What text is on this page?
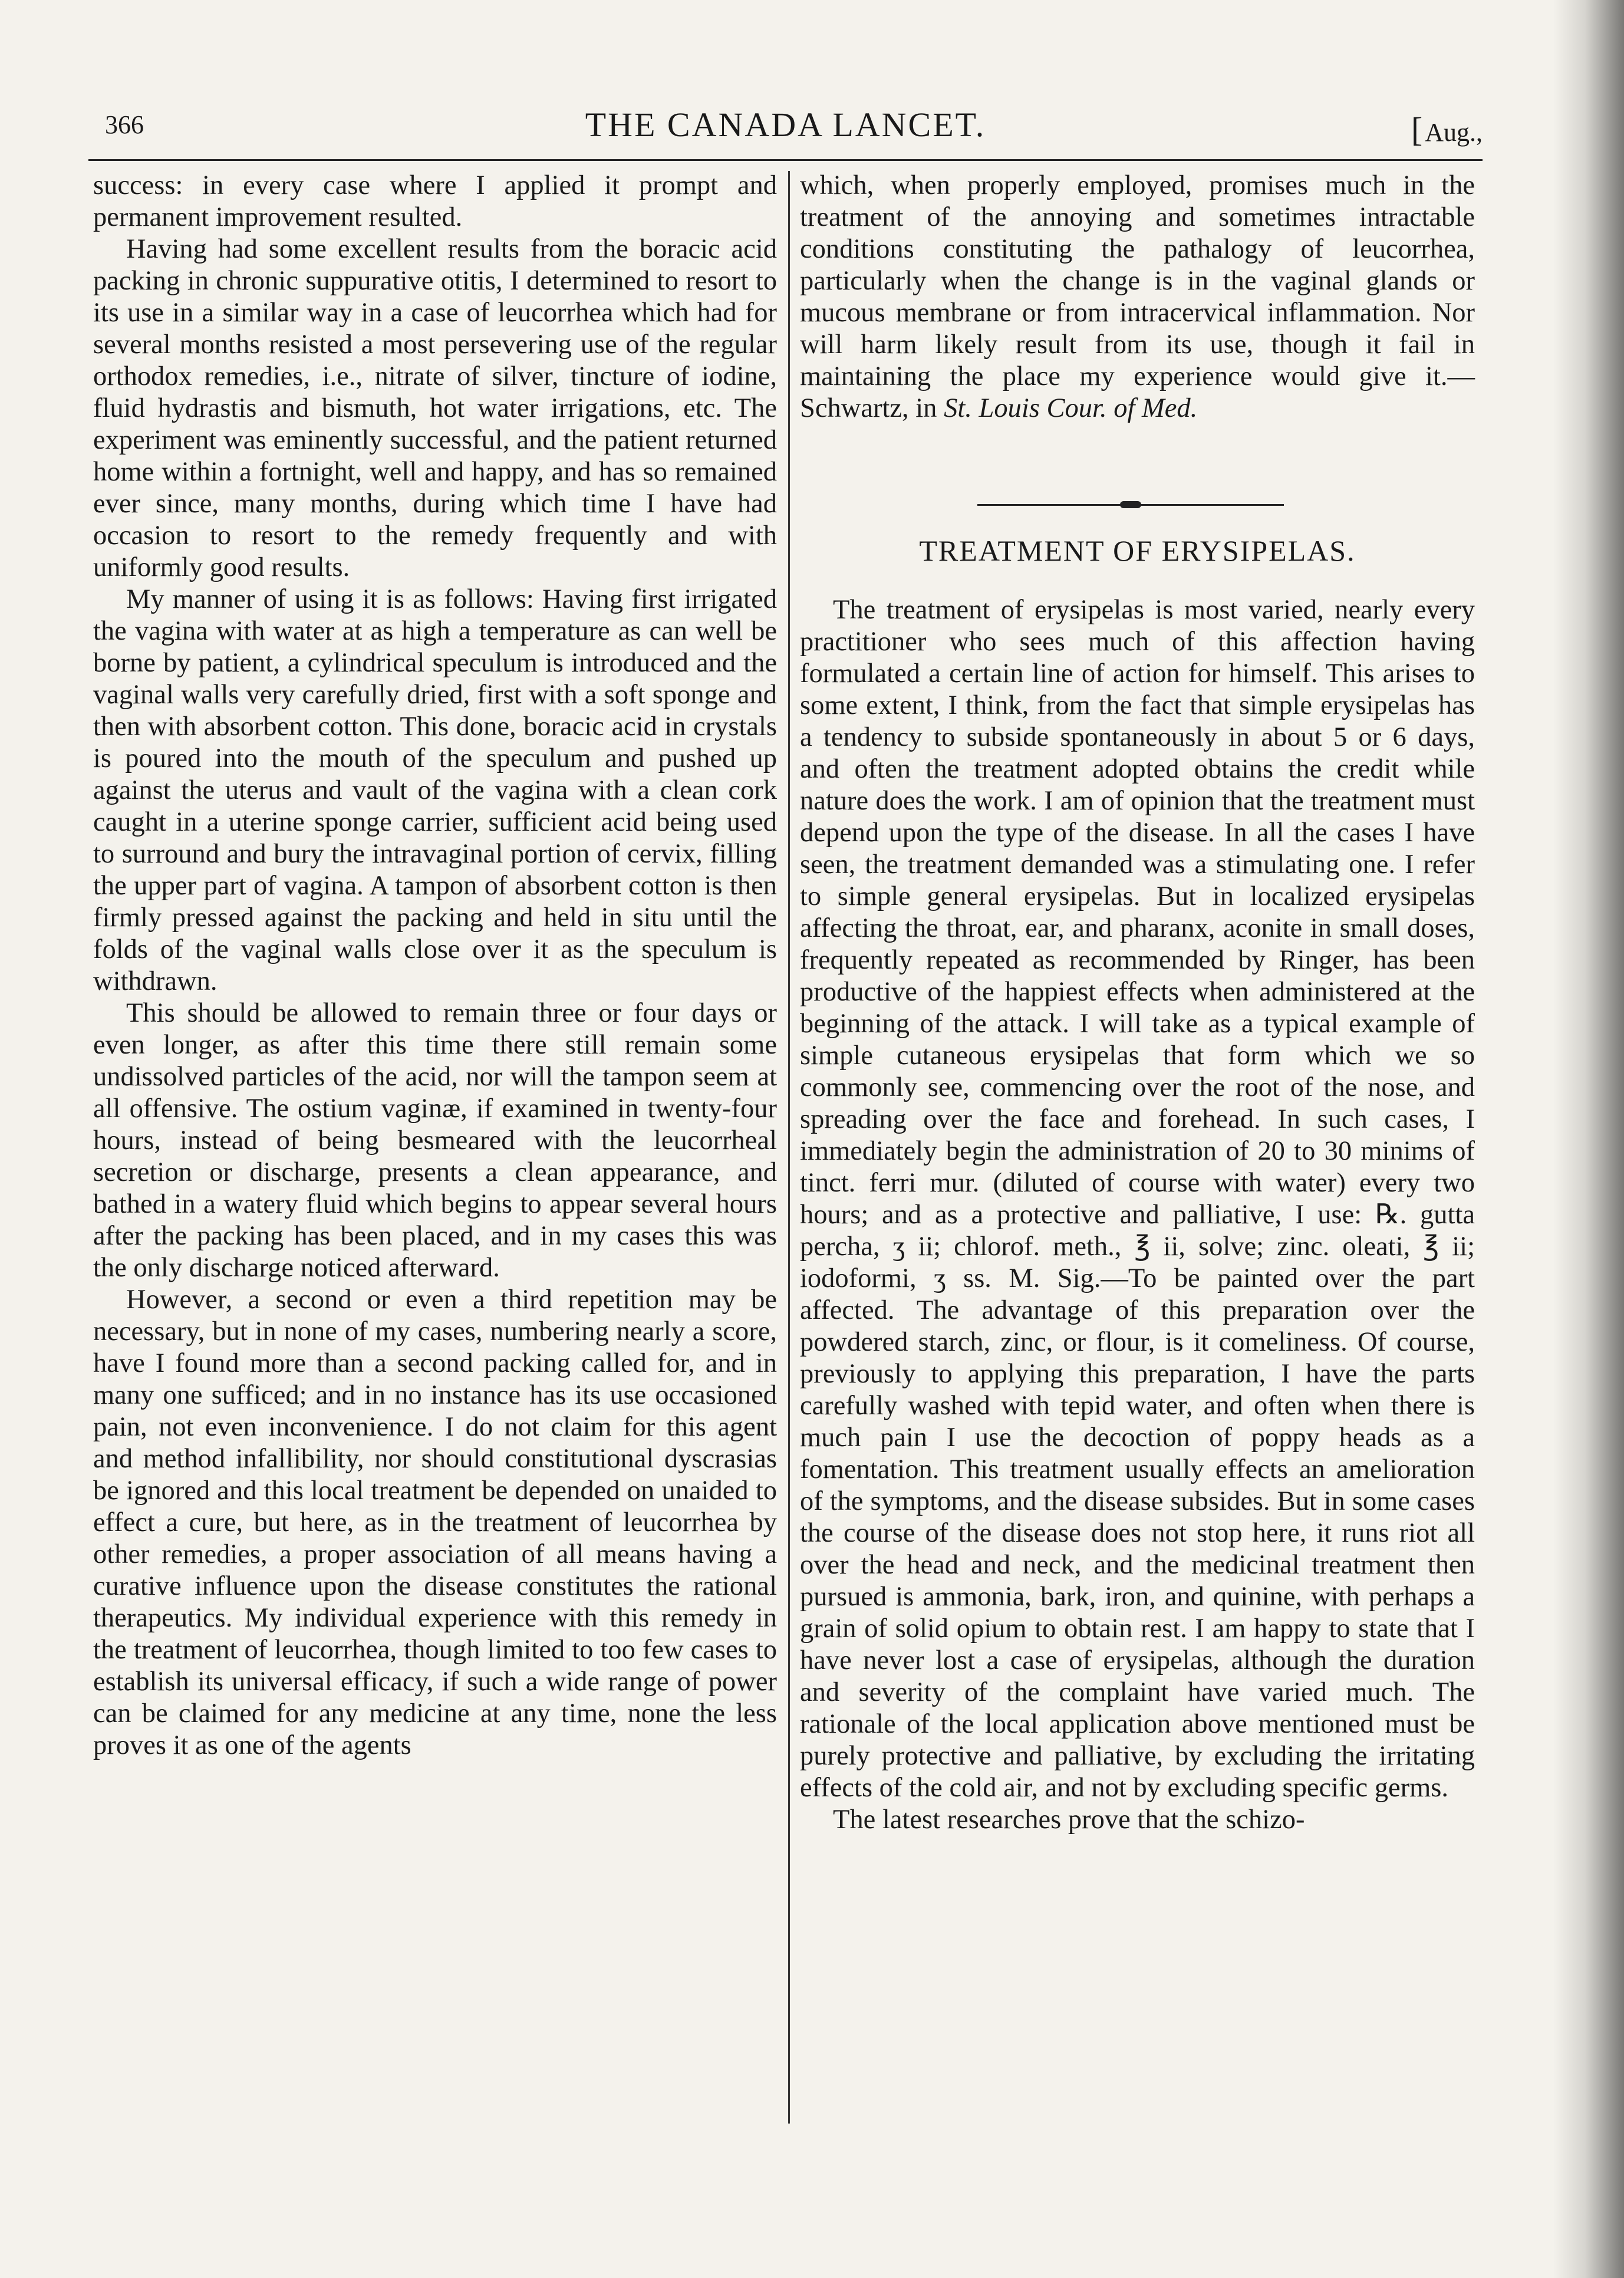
366	THE CANADA LANCET.	[Aug.,

success: in every case where I applied it prompt and permanent improvement resulted.

Having had some excellent results from the boracic acid packing in chronic suppurative otitis, I determined to resort to its use in a similar way in a case of leucorrhea which had for several months resisted a most persevering use of the regular orthodox remedies, i.e., nitrate of silver, tincture of iodine, fluid hydrastis and bismuth, hot water irrigations, etc. The experiment was eminently successful, and the patient returned home within a fortnight, well and happy, and has so remained ever since, many months, during which time I have had occasion to resort to the remedy frequently and with uniformly good results.

My manner of using it is as follows: Having first irrigated the vagina with water at as high a temperature as can well be borne by patient, a cylindrical speculum is introduced and the vaginal walls very carefully dried, first with a soft sponge and then with absorbent cotton. This done, boracic acid in crystals is poured into the mouth of the speculum and pushed up against the uterus and vault of the vagina with a clean cork caught in a uterine sponge carrier, sufficient acid being used to surround and bury the intravaginal portion of cervix, filling the upper part of vagina. A tampon of absorbent cotton is then firmly pressed against the packing and held in situ until the folds of the vaginal walls close over it as the speculum is withdrawn.

This should be allowed to remain three or four days or even longer, as after this time there still remain some undissolved particles of the acid, nor will the tampon seem at all offensive. The ostium vaginæ, if examined in twenty-four hours, instead of being besmeared with the leucorrheal secretion or discharge, presents a clean appearance, and bathed in a watery fluid which begins to appear several hours after the packing has been placed, and in my cases this was the only discharge noticed afterward.

However, a second or even a third repetition may be necessary, but in none of my cases, numbering nearly a score, have I found more than a second packing called for, and in many one sufficed; and in no instance has its use occasioned pain, not even inconvenience. I do not claim for this agent and method infallibility, nor should constitutional dyscrasias be ignored and this local treatment be depended on unaided to effect a cure, but here, as in the treatment of leucorrhea by other remedies, a proper association of all means having a curative influence upon the disease constitutes the rational therapeutics. My individual experience with this remedy in the treatment of leucorrhea, though limited to too few cases to establish its universal efficacy, if such a wide range of power can be claimed for any medicine at any time, none the less proves it as one of the agents

which, when properly employed, promises much in the treatment of the annoying and sometimes intractable conditions constituting the pathalogy of leucorrhea, particularly when the change is in the vaginal glands or mucous membrane or from intracervical inflammation. Nor will harm likely result from its use, though it fail in maintaining the place my experience would give it.—Schwartz, in St. Louis Cour. of Med.

TREATMENT OF ERYSIPELAS.

The treatment of erysipelas is most varied, nearly every practitioner who sees much of this affection having formulated a certain line of action for himself. This arises to some extent, I think, from the fact that simple erysipelas has a tendency to subside spontaneously in about 5 or 6 days, and often the treatment adopted obtains the credit while nature does the work. I am of opinion that the treatment must depend upon the type of the disease. In all the cases I have seen, the treatment demanded was a stimulating one. I refer to simple general erysipelas. But in localized erysipelas affecting the throat, ear, and pharanx, aconite in small doses, frequently repeated as recommended by Ringer, has been productive of the happiest effects when administered at the beginning of the attack. I will take as a typical example of simple cutaneous erysipelas that form which we so commonly see, commencing over the root of the nose, and spreading over the face and forehead. In such cases, I immediately begin the administration of 20 to 30 minims of tinct. ferri mur. (diluted of course with water) every two hours; and as a protective and palliative, I use: ℞. gutta percha, ʒ ii; chlorof. meth., ℥ ii, solve; zinc. oleati, ℥ ii; iodoformi, ʒ ss. M. Sig.—To be painted over the part affected. The advantage of this preparation over the powdered starch, zinc, or flour, is it comeliness. Of course, previously to applying this preparation, I have the parts carefully washed with tepid water, and often when there is much pain I use the decoction of poppy heads as a fomentation. This treatment usually effects an amelioration of the symptoms, and the disease subsides. But in some cases the course of the disease does not stop here, it runs riot all over the head and neck, and the medicinal treatment then pursued is ammonia, bark, iron, and quinine, with perhaps a grain of solid opium to obtain rest. I am happy to state that I have never lost a case of erysipelas, although the duration and severity of the complaint have varied much. The rationale of the local application above mentioned must be purely protective and palliative, by excluding the irritating effects of the cold air, and not by excluding specific germs.

The latest researches prove that the schizo-
